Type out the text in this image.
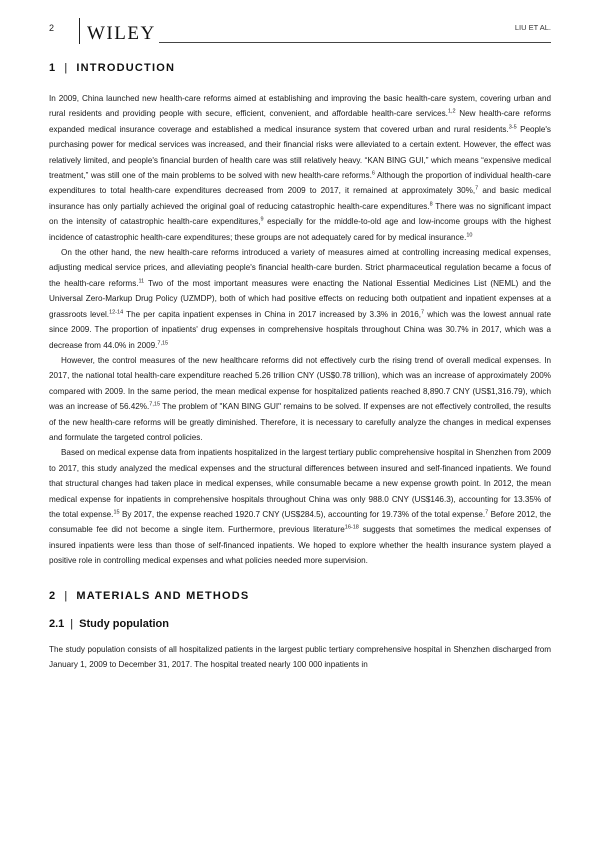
2 WILEY	LIU ET AL.
1 | INTRODUCTION

In 2009, China launched new health-care reforms aimed at establishing and improving the basic health-care system, covering urban and rural residents and providing people with secure, efficient, convenient, and affordable health-care services.$^{1,2}$ New health-care reforms expanded medical insurance coverage and established a medical insurance system that covered urban and rural residents.$^{3-5}$ People's purchasing power for medical services was increased, and their financial risks were alleviated to a certain extent. However, the effect was relatively limited, and people's financial burden of health care was still relatively heavy. “KAN BING GUI,” which means “expensive medical treatment,” was still one of the main problems to be solved with new health-care reforms.$^6$ Although the proportion of individual health-care expenditures to total health-care expenditures decreased from 2009 to 2017, it remained at approximately 30%,$^7$ and basic medical insurance has only partially achieved the original goal of reducing catastrophic health-care expenditures.$^8$ There was no significant impact on the intensity of catastrophic health-care expenditures,$^9$ especially for the middle-to-old age and low-income groups with the highest incidence of catastrophic health-care expenditures; these groups are not adequately cared for by medical insurance.$^{10}$

On the other hand, the new health-care reforms introduced a variety of measures aimed at controlling increasing medical expenses, adjusting medical service prices, and alleviating people's financial health-care burden. Strict pharmaceutical regulation became a focus of the health-care reforms.$^{11}$ Two of the most important measures were enacting the National Essential Medicines List (NEML) and the Universal Zero-Markup Drug Policy (UZMDP), both of which had positive effects on reducing both outpatient and inpatient expenses at a grassroots level.$^{12-14}$ The per capita inpatient expenses in China in 2017 increased by 3.3% in 2016,$^7$ which was the lowest annual rate since 2009. The proportion of inpatients' drug expenses in comprehensive hospitals throughout China was 30.7% in 2017, which was a decrease from 44.0% in 2009.$^{7,15}$

However, the control measures of the new healthcare reforms did not effectively curb the rising trend of overall medical expenses. In 2017, the national total health-care expenditure reached 5.26 trillion CNY (US$0.78 trillion), which was an increase of approximately 200% compared with 2009. In the same period, the mean medical expense for hospitalized patients reached 8,890.7 CNY (US$1,316.79), which was an increase of 56.42%.$^{7,15}$ The problem of "KAN BING GUI" remains to be solved. If expenses are not effectively controlled, the results of the new health-care reforms will be greatly diminished. Therefore, it is necessary to carefully analyze the changes in medical expenses and formulate the targeted control policies.

Based on medical expense data from inpatients hospitalized in the largest tertiary public comprehensive hospital in Shenzhen from 2009 to 2017, this study analyzed the medical expenses and the structural differences between insured and self-financed inpatients. We found that structural changes had taken place in medical expenses, while consumable became a new expense growth point. In 2012, the mean medical expense for inpatients in comprehensive hospitals throughout China was only 988.0 CNY (US$146.3), accounting for 13.35% of the total expense.$^{15}$ By 2017, the expense reached 1920.7 CNY (US$284.5), accounting for 19.73% of the total expense.$^7$ Before 2012, the consumable fee did not become a single item. Furthermore, previous literature$^{16-18}$ suggests that sometimes the medical expenses of insured inpatients were less than those of self-financed inpatients. We hoped to explore whether the health insurance system played a positive role in controlling medical expenses and what policies needed more supervision.

2 | MATERIALS AND METHODS
2.1 | Study population

The study population consists of all hospitalized patients in the largest public tertiary comprehensive hospital in Shenzhen discharged from January 1, 2009 to December 31, 2017. The hospital treated nearly 100 000 inpatients in
